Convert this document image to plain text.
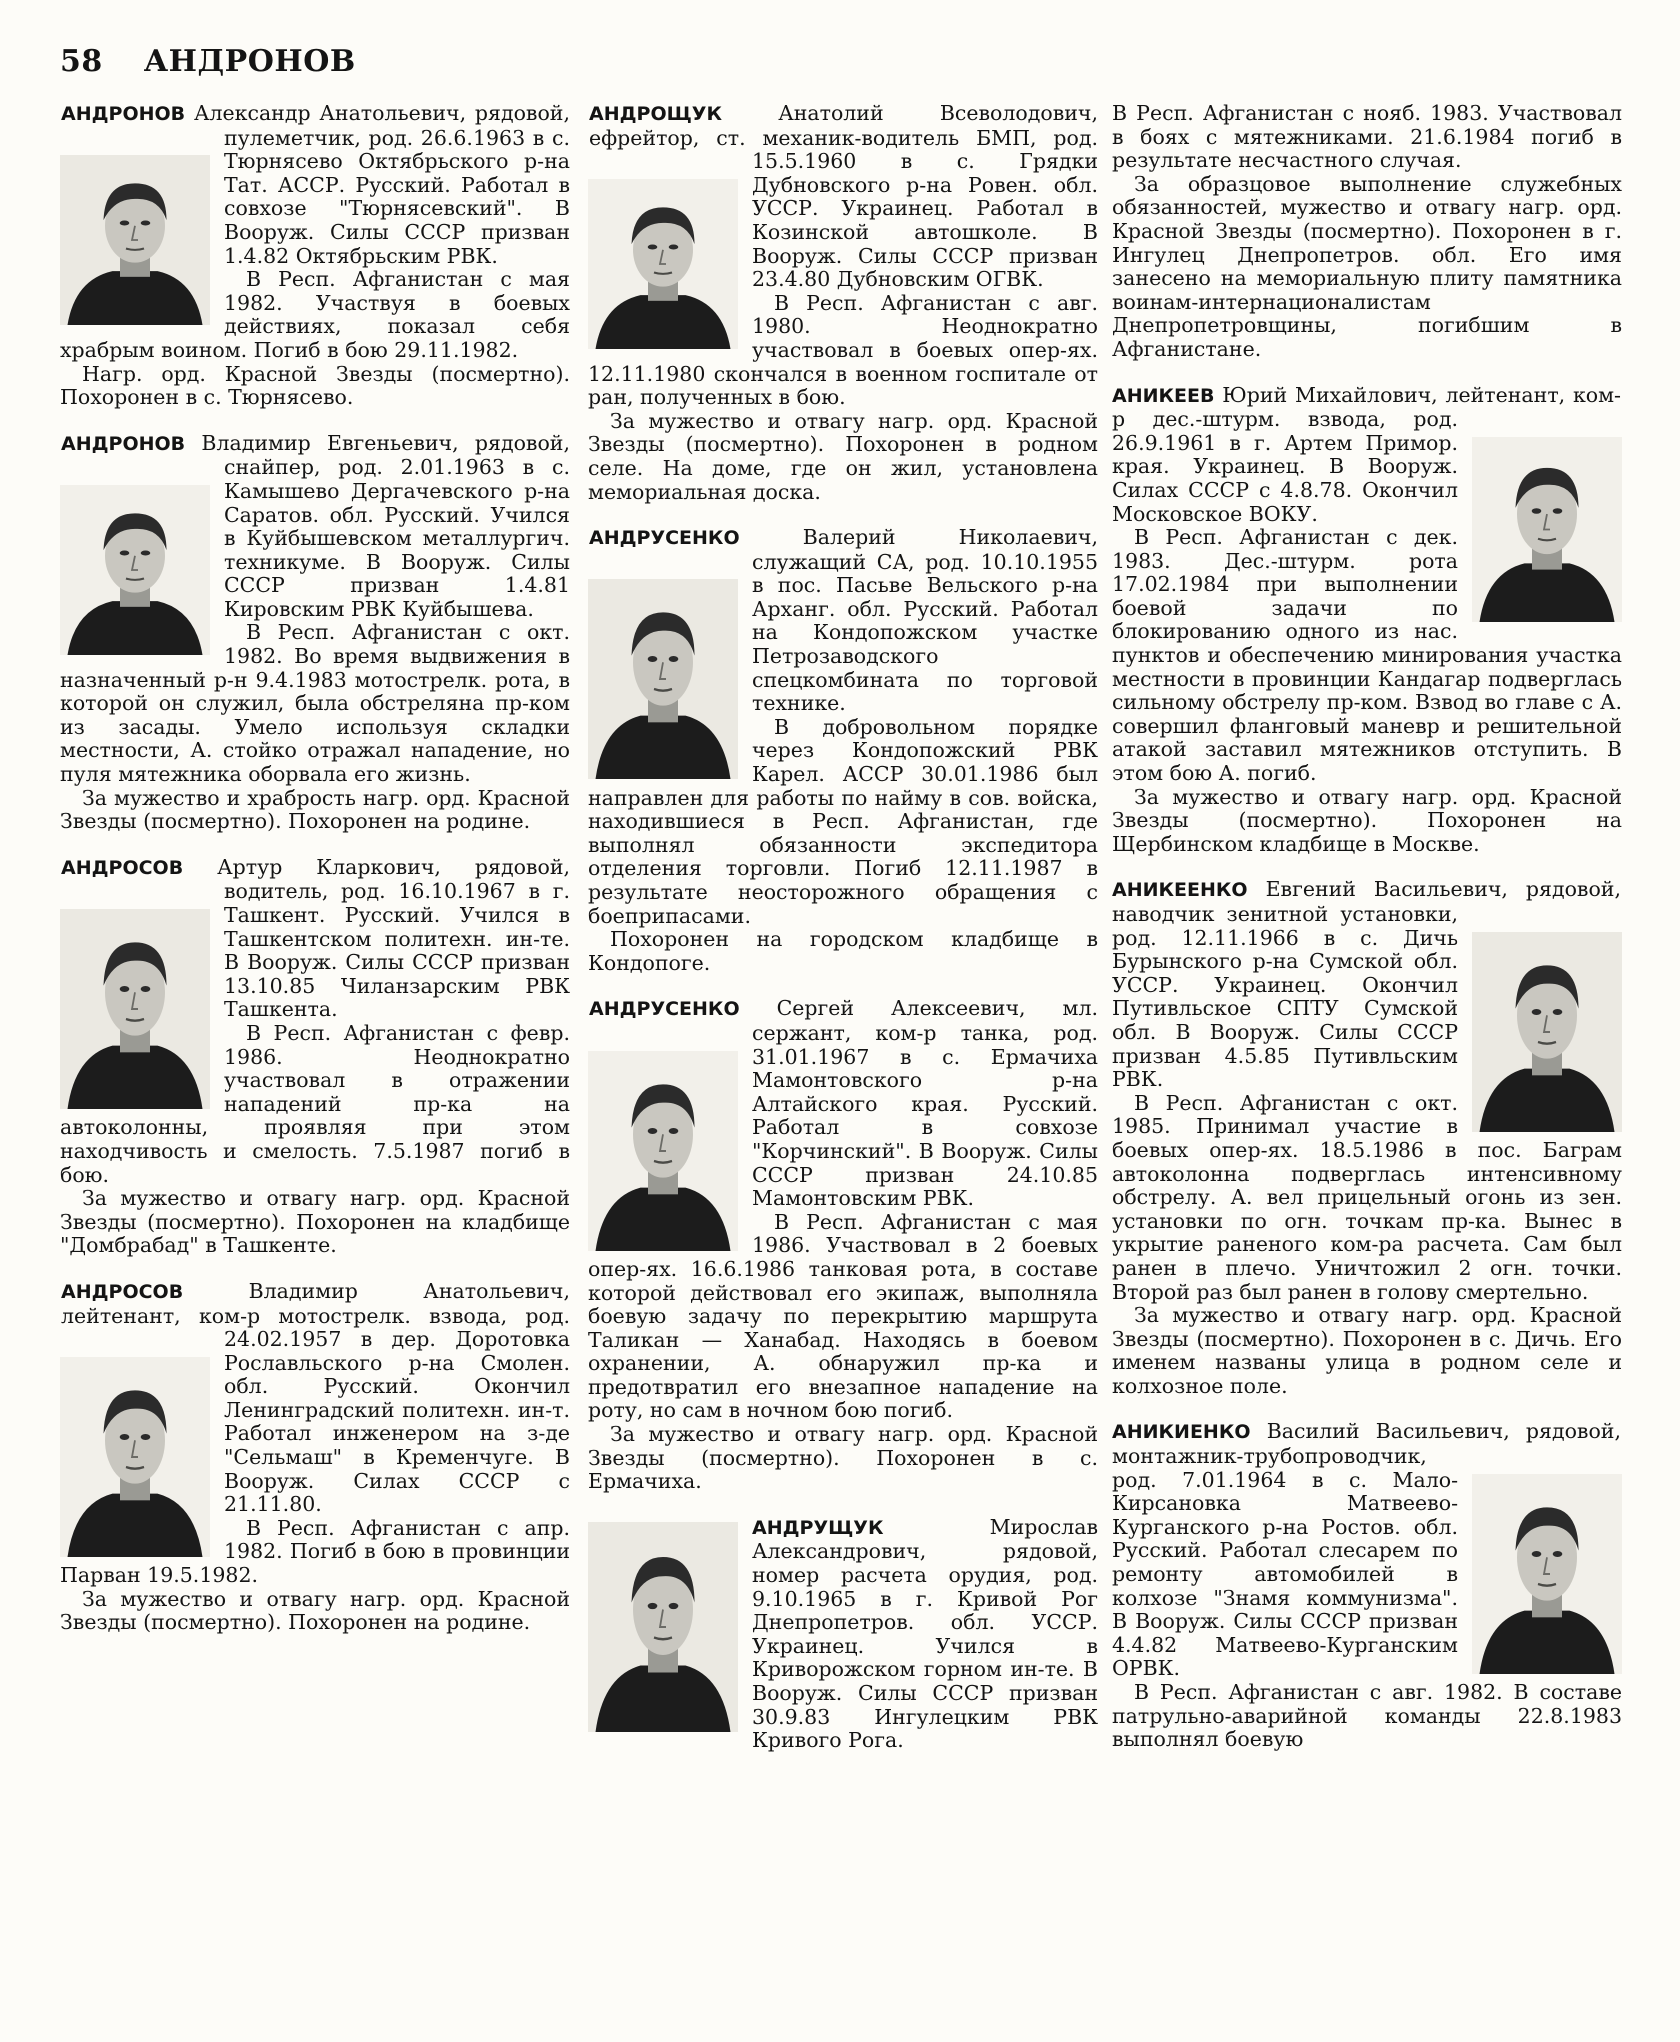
58 АНДРОНОВ

АНДРОНОВ Александр Анатольевич, рядовой, пулеметчик, род. 26.6.1963 в с. Тюрнясево Октябрьского р-на Тат. АССР. Русский. Работал в совхозе "Тюрнясевский". В Вооруж. Силы СССР призван 1.4.82 Октябрьским РВК.

В Респ. Афганистан с мая 1982. Участвуя в боевых действиях, показал себя храбрым воином. Погиб в бою 29.11.1982.

Нагр. орд. Красной Звезды (посмертно). Похоронен в с. Тюрнясево.

АНДРОНОВ Владимир Евгеньевич, рядовой, снайпер, род. 2.01.1963 в с. Камышево Дергачевского р-на Саратов. обл. Русский. Учился в Куйбышевском металлургич. техникуме. В Вооруж. Силы СССР призван 1.4.81 Кировским РВК Куйбышева.

В Респ. Афганистан с окт. 1982. Во время выдвижения в назначенный р-н 9.4.1983 мотострелк. рота, в которой он служил, была обстреляна пр-ком из засады. Умело используя складки местности, А. стойко отражал нападение, но пуля мятежника оборвала его жизнь.

За мужество и храбрость нагр. орд. Красной Звезды (посмертно). Похоронен на родине.

АНДРОСОВ Артур Кларкович, рядовой, водитель, род. 16.10.1967 в г. Ташкент. Русский. Учился в Ташкентском политехн. ин-те. В Вооруж. Силы СССР призван 13.10.85 Чиланзарским РВК Ташкента.

В Респ. Афганистан с февр. 1986. Неоднократно участвовал в отражении нападений пр-ка на автоколонны, проявляя при этом находчивость и смелость. 7.5.1987 погиб в бою.

За мужество и отвагу нагр. орд. Красной Звезды (посмертно). Похоронен на кладбище "Домбрабад" в Ташкенте.

АНДРОСОВ	Владимир Анатольевич, лейтенант, ком-р мотострелк. взвода, род. 24.02.1957 в дер. Доротовка Рославльского р-на Смолен. обл. Русский. Окончил Ленинградский политехн. ин-т. Работал инженером на з-де "Сельмаш" в Кременчуге. В Вооруж. Силах СССР с 21.11.80.

В Респ. Афганистан с апр. 1982. Погиб в бою в провинции Парван 19.5.1982.

За мужество и отвагу нагр. орд. Красной Звезды (посмертно). Похоронен на родине.

АНДРОЩУК	Анатолий Всеволодович, ефрейтор, ст. механик-водитель БМП, род. 15.5.1960 в с. Грядки Дубновского р-на Ровен. обл. УССР. Украинец. Работал в Козинской автошколе. В Вооруж. Силы СССР призван 23.4.80 Дубновским ОГВК.

В Респ. Афганистан с авг. 1980. Неоднократно участвовал в боевых опер-ях. 12.11.1980 скончался в военном госпитале от ран, полученных в бою.

За мужество и отвагу нагр. орд. Красной Звезды (посмертно). Похоронен в родном селе. На доме, где он жил, установлена мемориальная доска.

АНДРУСЕНКО	Валерий Николаевич, служащий СА, род. 10.10.1955 в пос. Пасьве Вельского р-на Арханг. обл. Русский. Работал на Кондопожском участке Петрозаводского спецкомбината по торговой технике.

В добровольном порядке через Кондопожский РВК Карел. АССР 30.01.1986 был направлен для работы по найму в сов. войска, находившиеся в Респ. Афганистан, где выполнял обязанности экспедитора отделения торговли. Погиб 12.11.1987 в результате неосторожного обращения с боеприпасами.

Похоронен на городском кладбище в Кондопоге.

АНДРУСЕНКО Сергей Алексеевич, мл. сержант, ком-р танка, род. 31.01.1967 в с. Ермачиха Мамонтовского р-на Алтайского края. Русский. Работал в совхозе "Корчинский". В Вооруж. Силы СССР призван 24.10.85 Мамонтовским РВК.

В Респ. Афганистан с мая 1986. Участвовал в 2 боевых опер-ях. 16.6.1986 танковая рота, в составе которой действовал его экипаж, выполняла боевую задачу по перекрытию маршрута Таликан — Ханабад. Находясь в боевом охранении, А. обнаружил пр-ка и предотвратил его внезапное нападение на роту, но сам в ночном бою погиб.

За мужество и отвагу нагр. орд. Красной Звезды (посмертно). Похоронен в с. Ермачиха.

АНДРУЩУК	Мирослав Александрович, рядовой, номер расчета орудия, род. 9.10.1965 в г. Кривой Рог Днепропетров. обл. УССР. Украинец. Учился в Криворожском горном ин-те. В Вооруж. Силы СССР призван 30.9.83 Ингулецким РВК Кривого Рога.

В Респ. Афганистан с нояб. 1983. Участвовал в боях с мятежниками. 21.6.1984 погиб в результате несчастного случая.

За образцовое выполнение служебных обязанностей, мужество и отвагу нагр. орд. Красной Звезды (посмертно). Похоронен в г. Ингулец Днепропетров. обл. Его имя занесено на мемориальную плиту памятника воинам-интернационалистам Днепропетровщины, погибшим в Афганистане.

АНИКЕЕВ Юрий Михайлович, лейтенант, ком-р дес.-штурм. взвода, род. 26.9.1961 в г. Артем Примор. края. Украинец. В Вооруж. Силах СССР с 4.8.78. Окончил Московское ВОКУ.

В Респ. Афганистан с дек. 1983. Дес.-штурм. рота 17.02.1984 при выполнении боевой задачи по блокированию одного из нас. пунктов и обеспечению минирования участка местности в провинции Кандагар подверглась сильному обстрелу пр-ком. Взвод во главе с А. совершил фланговый маневр и решительной атакой заставил мятежников отступить. В этом бою А. погиб.

За мужество и отвагу нагр. орд. Красной Звезды (посмертно). Похоронен на Щербинском кладбище в Москве.

АНИКЕЕНКО Евгений Васильевич, рядовой, наводчик зенитной установки, род. 12.11.1966 в с. Дичь Бурынского р-на Сумской обл. УССР. Украинец. Окончил Путивльское СПТУ Сумской обл. В Вооруж. Силы СССР призван 4.5.85 Путивльским РВК.

В Респ. Афганистан с окт. 1985. Принимал участие в боевых опер-ях. 18.5.1986 в пос. Баграм автоколонна подверглась интенсивному обстрелу. А. вел прицельный огонь из зен. установки по огн. точкам пр-ка. Вынес в укрытие раненого ком-ра расчета. Сам был ранен в плечо. Уничтожил 2 огн. точки. Второй раз был ранен в голову смертельно.

За мужество и отвагу нагр. орд. Красной Звезды (посмертно). Похоронен в с. Дичь. Его именем названы улица в родном селе и колхозное поле.

АНИКИЕНКО Василий Васильевич, рядовой, монтажник-трубопроводчик, род. 7.01.1964 в с. Мало-Кирсановка Матвеево-Курганского р-на Ростов. обл. Русский. Работал слесарем по ремонту автомобилей в колхозе "Знамя коммунизма". В Вооруж. Силы СССР призван 4.4.82 Матвеево-Курганским ОРВК.

В Респ. Афганистан с авг. 1982. В составе патрульно-аварийной команды 22.8.1983 выполнял боевую
